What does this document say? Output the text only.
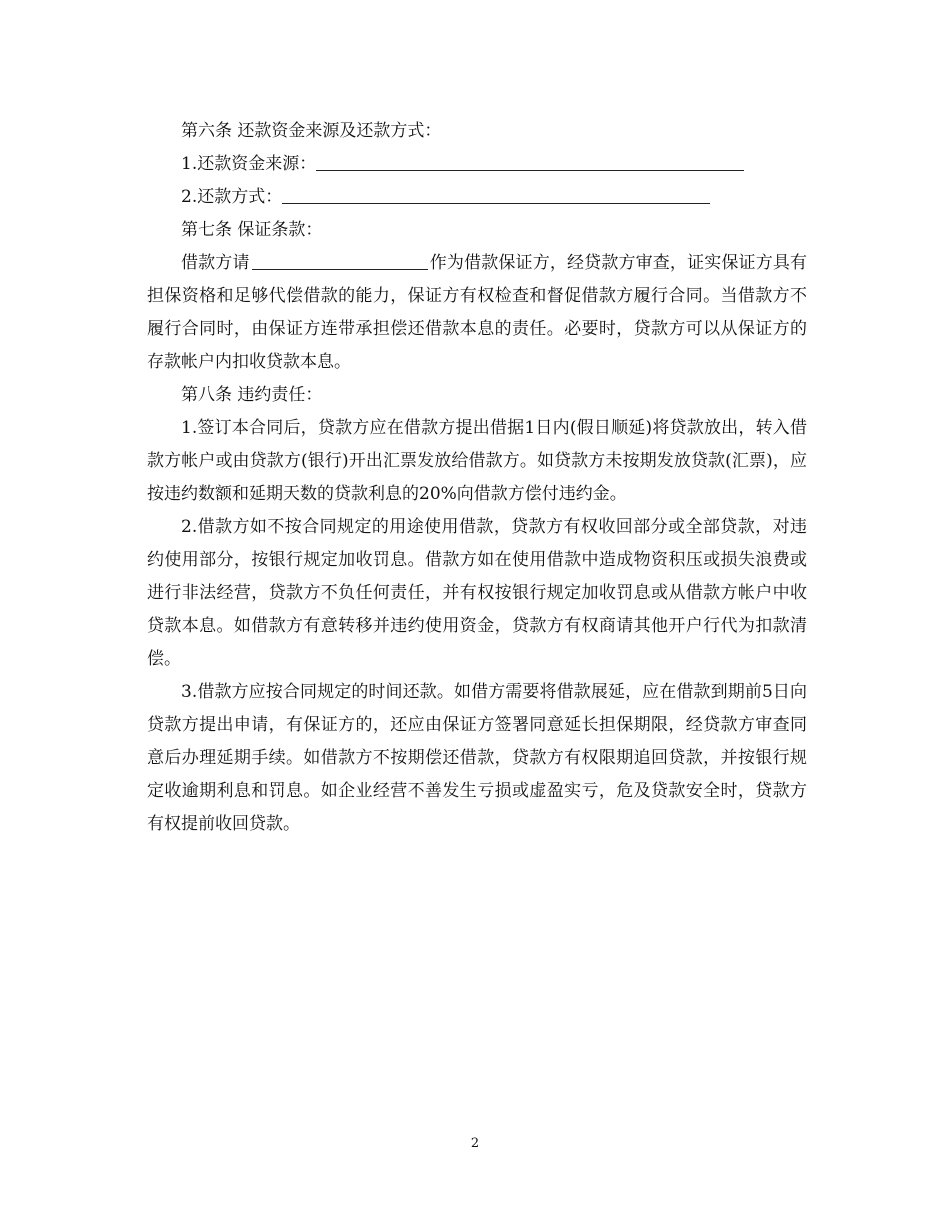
第六条 还款资金来源及还款方式：

1.还款资金来源：

2.还款方式：

第七条 保证条款：

借款方请	作为借款保证方，经贷款方审查，证实保证方具有担保资格和足够代偿借款的能力，保证方有权检查和督促借款方履行合同。当借款方不履行合同时，由保证方连带承担偿还借款本息的责任。必要时，贷款方可以从保证方的存款帐户内扣收贷款本息。

第八条 违约责任：

1.签订本合同后，贷款方应在借款方提出借据1日内(假日顺延)将贷款放出，转入借款方帐户或由贷款方(银行)开出汇票发放给借款方。如贷款方未按期发放贷款(汇票)，应按违约数额和延期天数的贷款利息的20%向借款方偿付违约金。

2.借款方如不按合同规定的用途使用借款，贷款方有权收回部分或全部贷款，对违约使用部分，按银行规定加收罚息。借款方如在使用借款中造成物资积压或损失浪费或进行非法经营，贷款方不负任何责任，并有权按银行规定加收罚息或从借款方帐户中收贷款本息。如借款方有意转移并违约使用资金，贷款方有权商请其他开户行代为扣款清偿。

3.借款方应按合同规定的时间还款。如借方需要将借款展延，应在借款到期前5日向贷款方提出申请，有保证方的，还应由保证方签署同意延长担保期限，经贷款方审查同意后办理延期手续。如借款方不按期偿还借款，贷款方有权限期追回贷款，并按银行规定收逾期利息和罚息。如企业经营不善发生亏损或虚盈实亏，危及贷款安全时，贷款方有权提前收回贷款。

2
